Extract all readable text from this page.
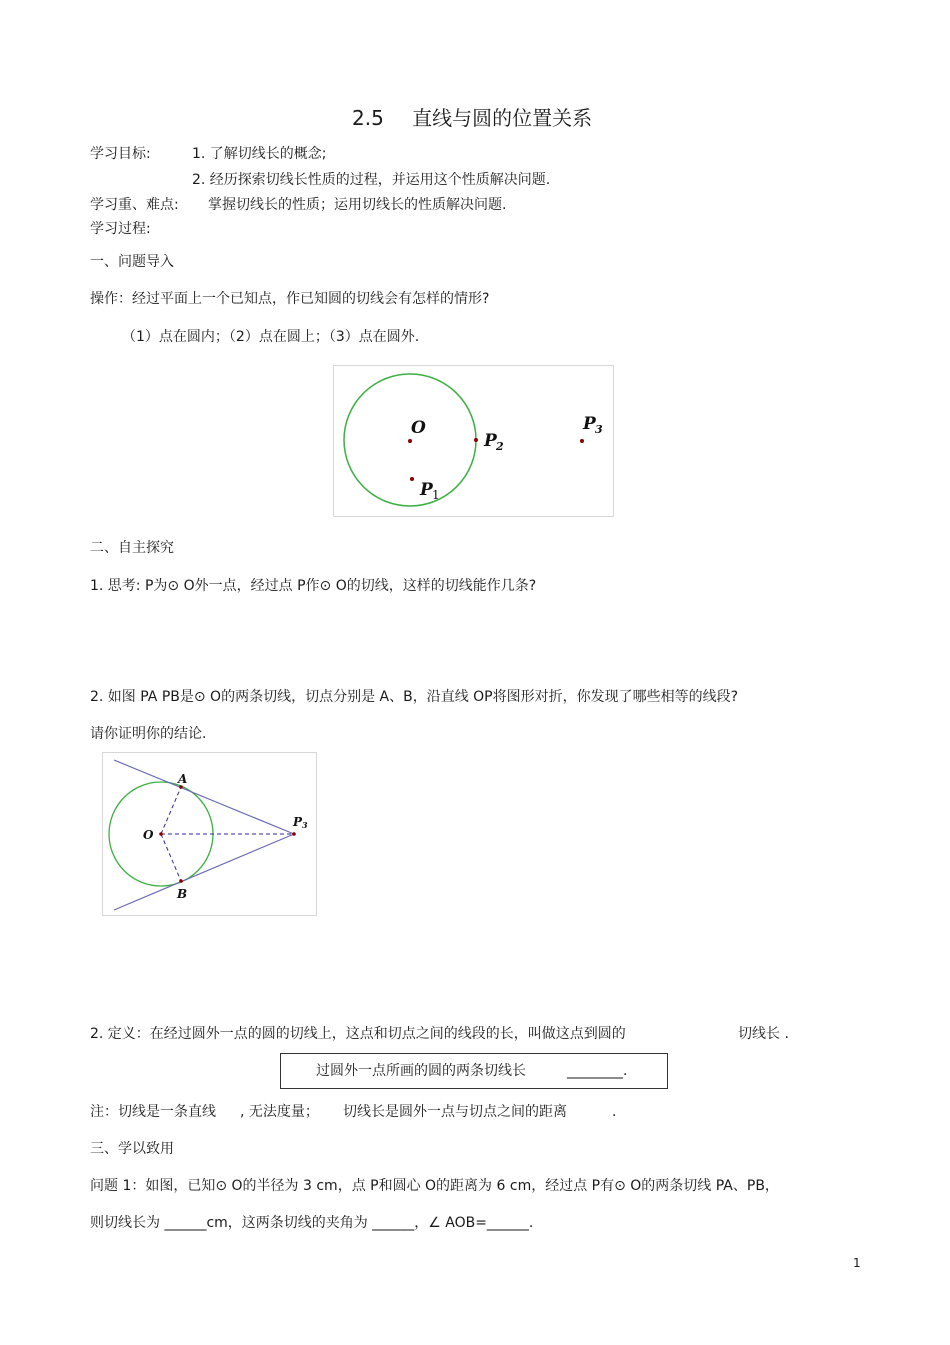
2.5 直线与圆的位置关系
学习目标:	1. 了解切线长的概念;
2. 经历探索切线长性质的过程，并运用这个性质解决问题.
学习重、难点: 掌握切线长的性质；运用切线长的性质解决问题.
学习过程:
一、问题导入
操作：经过平面上一个已知点，作已知圆的切线会有怎样的情形?
（1）点在圆内；（2）点在圆上；（3）点在圆外.
O
P 2
P 3
P 1
二、自主探究
1. 思考: P为⊙ O外一点，经过点 P作⊙ O的切线，这样的切线能作几条?
2. 如图 PA PB是⊙ O的两条切线，切点分别是 A、B，沿直线 OP将图形对折，你发现了哪些相等的线段?
请你证明你的结论.
A
B
O
P 3
2. 定义：在经过圆外一点的圆的切线上，这点和切点之间的线段的长，叫做这点到圆的	切线长 .
过圆外一点所画的圆的两条切线长	________.
注：切线是一条直线 , 无法度量； 切线长是圆外一点与切点之间的距离	.
三、学以致用
问题 1：如图，已知⊙ O的半径为 3 cm，点 P和圆心 O的距离为 6 cm，经过点 P有⊙ O的两条切线 PA、PB，
则切线长为 ______cm，这两条切线的夹角为 ______，∠ AOB=______.
1
